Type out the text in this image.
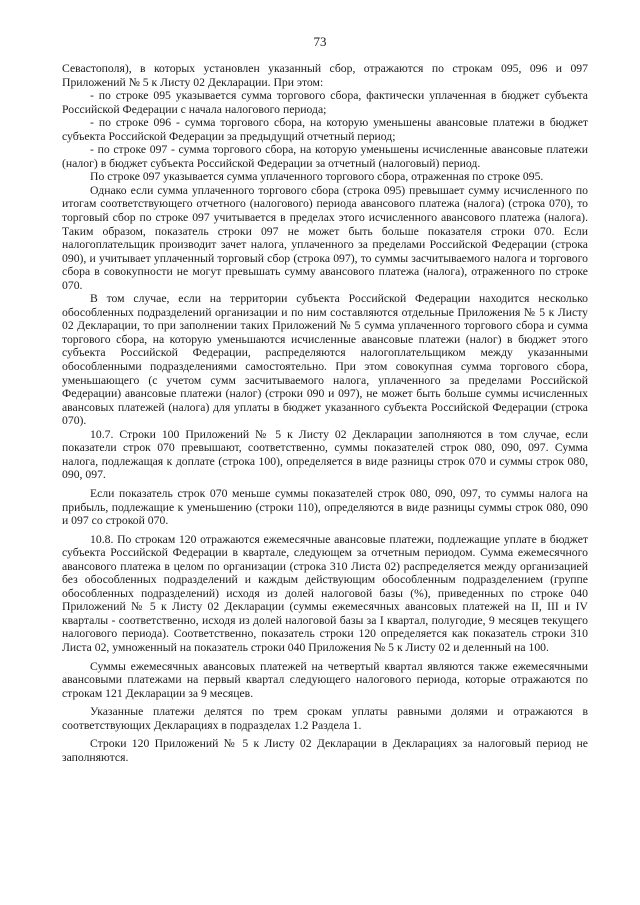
73

Севастополя), в которых установлен указанный сбор, отражаются по строкам 095, 096 и 097 Приложений № 5 к Листу 02 Декларации. При этом:

- по строке 095 указывается сумма торгового сбора, фактически уплаченная в бюджет субъекта Российской Федерации с начала налогового периода;

- по строке 096 - сумма торгового сбора, на которую уменьшены авансовые платежи в бюджет субъекта Российской Федерации за предыдущий отчетный период;

- по строке 097 - сумма торгового сбора, на которую уменьшены исчисленные авансовые платежи (налог) в бюджет субъекта Российской Федерации за отчетный (налоговый) период.

По строке 097 указывается сумма уплаченного торгового сбора, отраженная по строке 095.

Однако если сумма уплаченного торгового сбора (строка 095) превышает сумму исчисленного по итогам соответствующего отчетного (налогового) периода авансового платежа (налога) (строка 070), то торговый сбор по строке 097 учитывается в пределах этого исчисленного авансового платежа (налога). Таким образом, показатель строки 097 не может быть больше показателя строки 070. Если налогоплательщик производит зачет налога, уплаченного за пределами Российской Федерации (строка 090), и учитывает уплаченный торговый сбор (строка 097), то суммы засчитываемого налога и торгового сбора в совокупности не могут превышать сумму авансового платежа (налога), отраженного по строке 070.

В том случае, если на территории субъекта Российской Федерации находится несколько обособленных подразделений организации и по ним составляются отдельные Приложения № 5 к Листу 02 Декларации, то при заполнении таких Приложений № 5 сумма уплаченного торгового сбора и сумма торгового сбора, на которую уменьшаются исчисленные авансовые платежи (налог) в бюджет этого субъекта Российской Федерации, распределяются налогоплательщиком между указанными обособленными подразделениями самостоятельно. При этом совокупная сумма торгового сбора, уменьшающего (с учетом сумм засчитываемого налога, уплаченного за пределами Российской Федерации) авансовые платежи (налог) (строки 090 и 097), не может быть больше суммы исчисленных авансовых платежей (налога) для уплаты в бюджет указанного субъекта Российской Федерации (строка 070).

10.7. Строки 100 Приложений № 5 к Листу 02 Декларации заполняются в том случае, если показатели строк 070 превышают, соответственно, суммы показателей строк 080, 090, 097. Сумма налога, подлежащая к доплате (строка 100), определяется в виде разницы строк 070 и суммы строк 080, 090, 097.

Если показатель строк 070 меньше суммы показателей строк 080, 090, 097, то суммы налога на прибыль, подлежащие к уменьшению (строки 110), определяются в виде разницы суммы строк 080, 090 и 097 со строкой 070.

10.8. По строкам 120 отражаются ежемесячные авансовые платежи, подлежащие уплате в бюджет субъекта Российской Федерации в квартале, следующем за отчетным периодом. Сумма ежемесячного авансового платежа в целом по организации (строка 310 Листа 02) распределяется между организацией без обособленных подразделений и каждым действующим обособленным подразделением (группе обособленных подразделений) исходя из долей налоговой базы (%), приведенных по строке 040 Приложений № 5 к Листу 02 Декларации (суммы ежемесячных авансовых платежей на II, III и IV кварталы - соответственно, исходя из долей налоговой базы за I квартал, полугодие, 9 месяцев текущего налогового периода). Соответственно, показатель строки 120 определяется как показатель строки 310 Листа 02, умноженный на показатель строки 040 Приложения № 5 к Листу 02 и деленный на 100.

Суммы ежемесячных авансовых платежей на четвертый квартал являются также ежемесячными авансовыми платежами на первый квартал следующего налогового периода, которые отражаются по строкам 121 Декларации за 9 месяцев.

Указанные платежи делятся по трем срокам уплаты равными долями и отражаются в соответствующих Декларациях в подразделах 1.2 Раздела 1.

Строки 120 Приложений № 5 к Листу 02 Декларации в Декларациях за налоговый период не заполняются.
